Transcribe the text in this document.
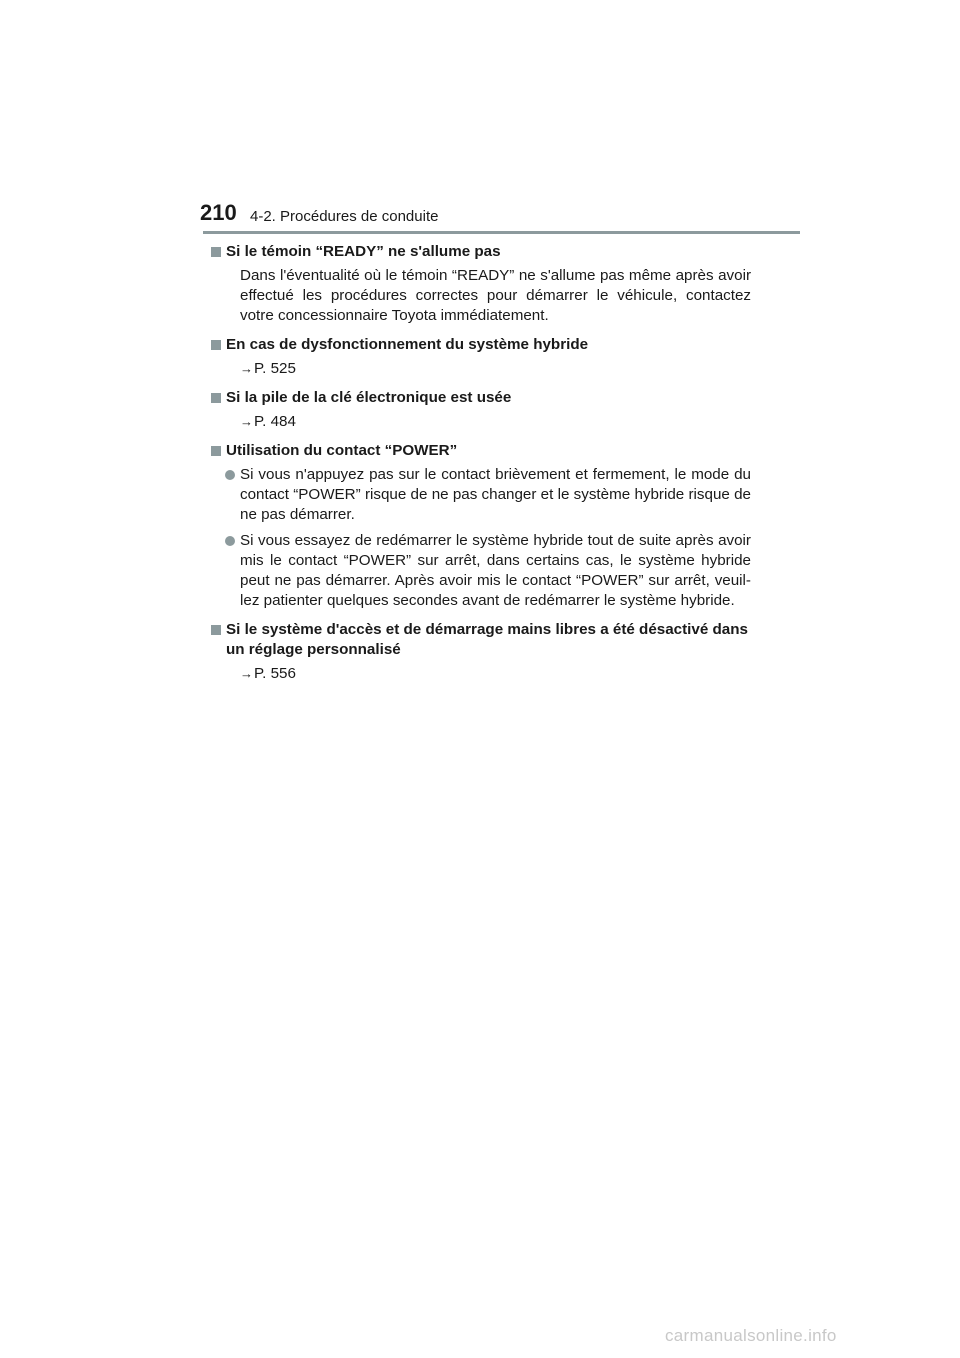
210 4-2. Procédures de conduite
Si le témoin “READY” ne s'allume pas
Dans l'éventualité où le témoin “READY” ne s'allume pas même après avoir effectué les procédures correctes pour démarrer le véhicule, contactez votre concessionnaire Toyota immédiatement.
En cas de dysfonctionnement du système hybride
→ P. 525
Si la pile de la clé électronique est usée
→ P. 484
Utilisation du contact “POWER”
Si vous n'appuyez pas sur le contact brièvement et fermement, le mode du contact “POWER” risque de ne pas changer et le système hybride risque de ne pas démarrer.
Si vous essayez de redémarrer le système hybride tout de suite après avoir mis le contact “POWER” sur arrêt, dans certains cas, le système hybride peut ne pas démarrer. Après avoir mis le contact “POWER” sur arrêt, veuil-lez patienter quelques secondes avant de redémarrer le système hybride.
Si le système d'accès et de démarrage mains libres a été désactivé dans un réglage personnalisé
→ P. 556
carmanualsonline.info
